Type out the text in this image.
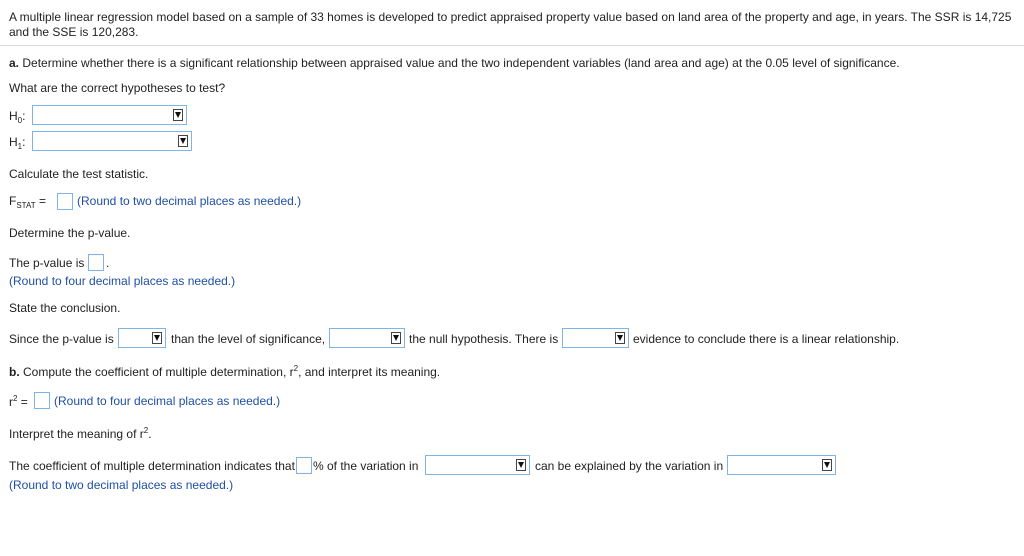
A multiple linear regression model based on a sample of 33 homes is developed to predict appraised property value based on land area of the property and age, in years. The SSR is 14,725
and the SSE is 120,283.
a. Determine whether there is a significant relationship between appraised value and the two independent variables (land area and age) at the 0.05 level of significance.
What are the correct hypotheses to test?
$H_0$:
$H_1$:
Calculate the test statistic.
$F_{STAT}$ =	(Round to two decimal places as needed.)
Determine the p-value.
The p-value is .
(Round to four decimal places as needed.)
State the conclusion.
Since the p-value is	than the level of significance,	the null hypothesis. There is	evidence to conclude there is a linear relationship.
b. Compute the coefficient of multiple determination, $r^2$, and interpret its meaning.
$r^2$ = (Round to four decimal places as needed.)
Interpret the meaning of $r^2$.
The coefficient of multiple determination indicates that % of the variation in	can be explained by the variation in
(Round to two decimal places as needed.)
